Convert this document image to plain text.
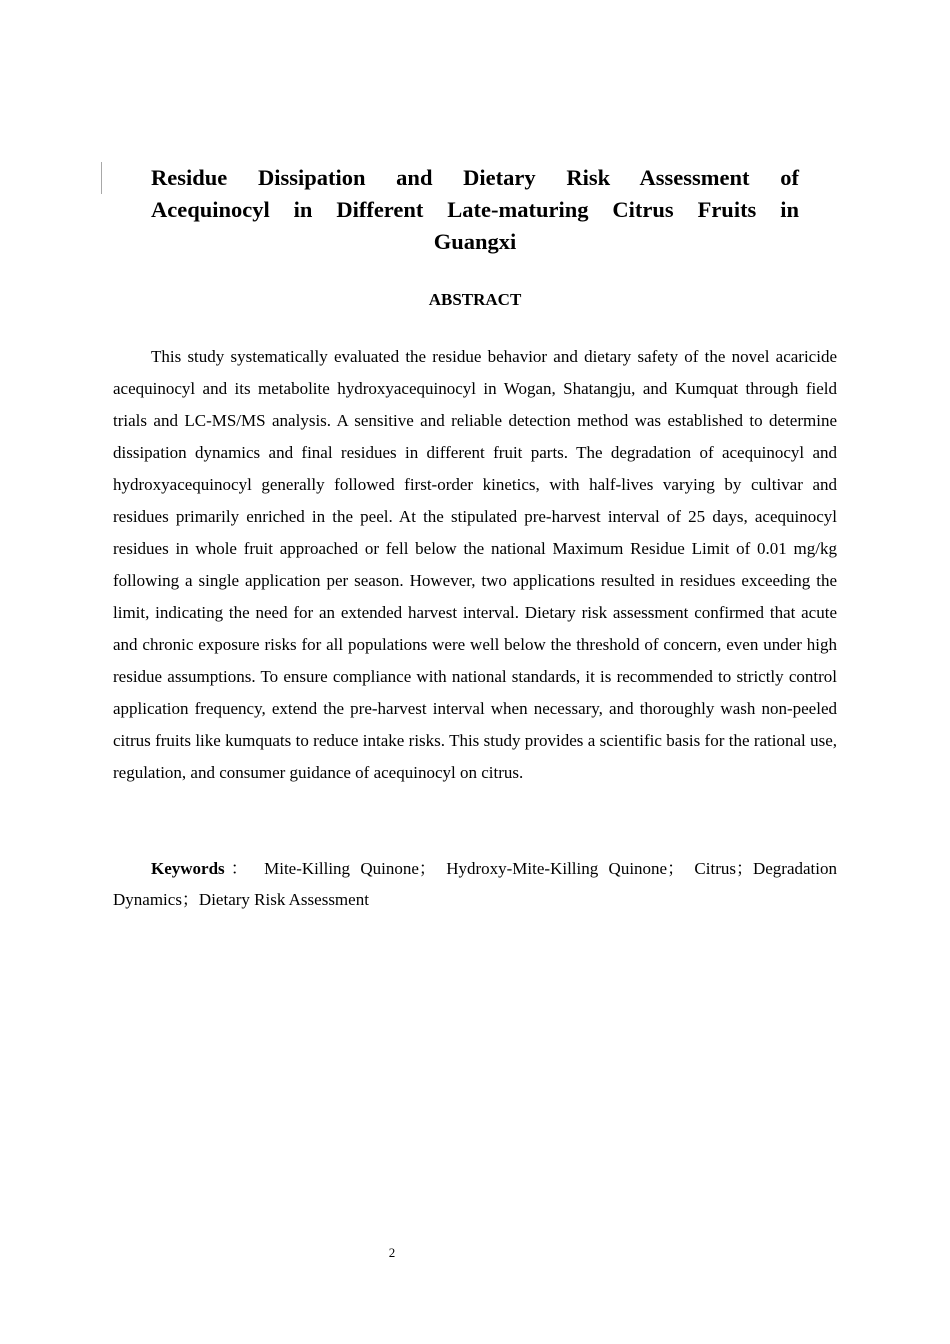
Residue Dissipation and Dietary Risk Assessment of
Acequinocyl in Different Late-maturing Citrus Fruits in
Guangxi
ABSTRACT

This study systematically evaluated the residue behavior and dietary safety of the novel acaricide acequinocyl and its metabolite hydroxyacequinocyl in Wogan, Shatangju, and Kumquat through field trials and LC-MS/MS analysis. A sensitive and reliable detection method was established to determine dissipation dynamics and final residues in different fruit parts. The degradation of acequinocyl and hydroxyacequinocyl generally followed first-order kinetics, with half-lives varying by cultivar and residues primarily enriched in the peel. At the stipulated pre-harvest interval of 25 days, acequinocyl residues in whole fruit approached or fell below the national Maximum Residue Limit of 0.01 mg/kg following a single application per season. However, two applications resulted in residues exceeding the limit, indicating the need for an extended harvest interval. Dietary risk assessment confirmed that acute and chronic exposure risks for all populations were well below the threshold of concern, even under high residue assumptions. To ensure compliance with national standards, it is recommended to strictly control application frequency, extend the pre-harvest interval when necessary, and thoroughly wash non-peeled citrus fruits like kumquats to reduce intake risks. This study provides a scientific basis for the rational use, regulation, and consumer guidance of acequinocyl on citrus.

Keywords： Mite-Killing Quinone； Hydroxy-Mite-Killing Quinone； Citrus；Degradation Dynamics；Dietary Risk Assessment

2
